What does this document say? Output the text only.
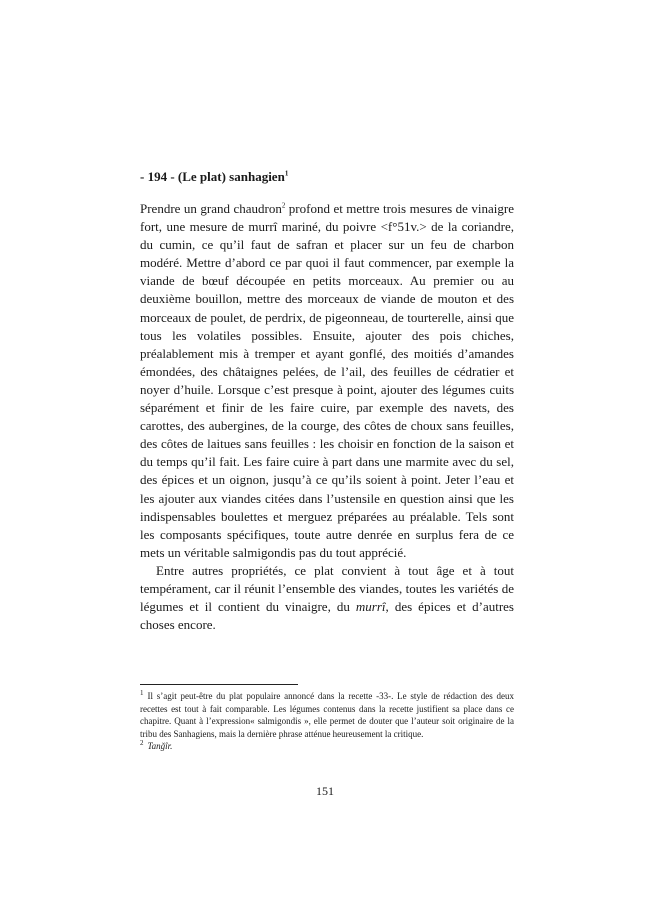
- 194 - (Le plat) sanhagien$^1$

Prendre un grand chaudron$^2$ profond et mettre trois mesures de vinaigre fort, une mesure de murrî mariné, du poivre <f°51v.> de la coriandre, du cumin, ce qu’il faut de safran et placer sur un feu de charbon modéré. Mettre d’abord ce par quoi il faut commencer, par exemple la viande de bœuf découpée en petits morceaux. Au premier ou au deuxième bouillon, mettre des morceaux de viande de mouton et des morceaux de poulet, de perdrix, de pigeonneau, de tourterelle, ainsi que tous les volatiles possibles. Ensuite, ajouter des pois chiches, préalablement mis à tremper et ayant gonflé, des moitiés d’amandes émondées, des châtaignes pelées, de l’ail, des feuilles de cédratier et noyer d’huile. Lorsque c’est presque à point, ajouter des légumes cuits séparément et finir de les faire cuire, par exemple des navets, des carottes, des aubergines, de la courge, des côtes de choux sans feuilles, des côtes de laitues sans feuilles : les choisir en fonction de la saison et du temps qu’il fait. Les faire cuire à part dans une marmite avec du sel, des épices et un oignon, jusqu’à ce qu’ils soient à point. Jeter l’eau et les ajouter aux viandes citées dans l’ustensile en question ainsi que les indispensables boulettes et merguez préparées au préalable. Tels sont les composants spécifiques, toute autre denrée en surplus fera de ce mets un véritable salmigondis pas du tout apprécié.

Entre autres propriétés, ce plat convient à tout âge et à tout tempérament, car il réunit l’ensemble des viandes, toutes les variétés de légumes et il contient du vinaigre, du murrî, des épices et d’autres choses encore.

$^1$ Il s’agit peut-être du plat populaire annoncé dans la recette -33-. Le style de rédaction des deux recettes est tout à fait comparable. Les légumes contenus dans la recette justifient sa place dans ce chapitre. Quant à l’expression« salmigondis », elle permet de douter que l’auteur soit originaire de la tribu des Sanhagiens, mais la dernière phrase atténue heureusement la critique.

$^2$ Tanğîr.

151
